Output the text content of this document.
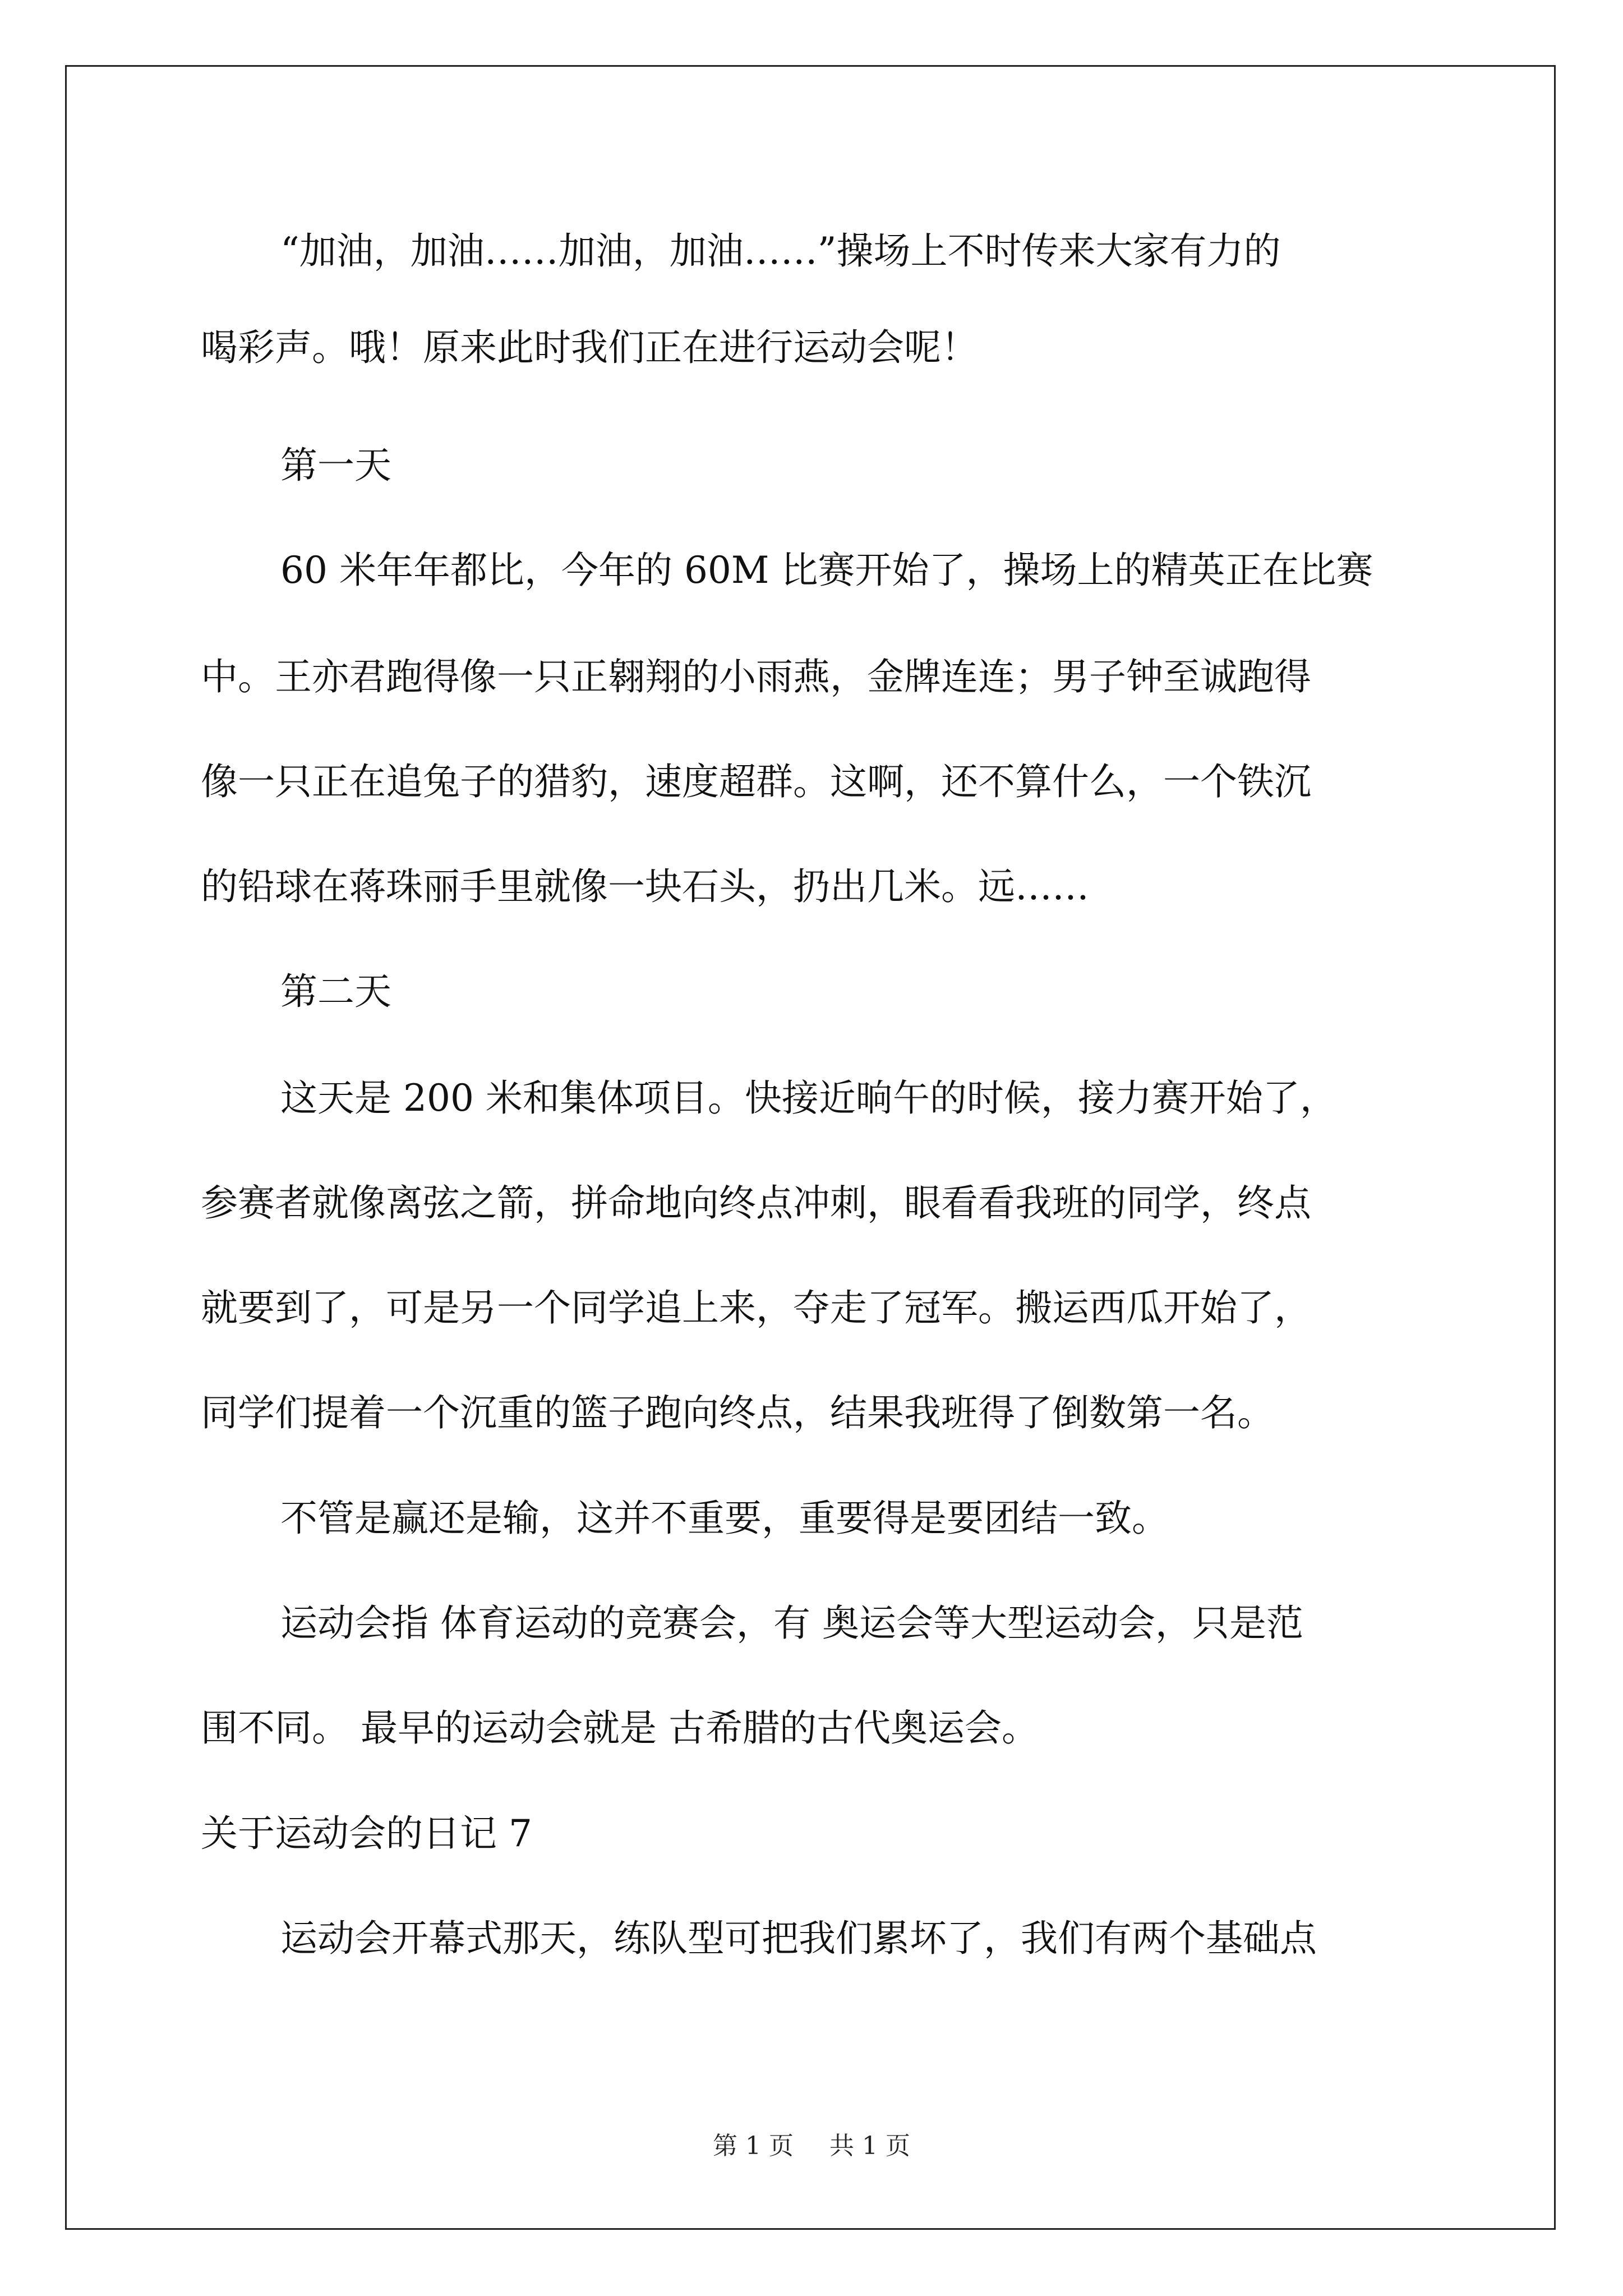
“加油，加油……加油，加油……”操场上不时传来大家有力的
喝彩声。哦！原来此时我们正在进行运动会呢！
第一天
60 米年年都比，今年的 60M 比赛开始了，操场上的精英正在比赛
中。王亦君跑得像一只正翱翔的小雨燕，金牌连连；男子钟至诚跑得
像一只正在追兔子的猎豹，速度超群。这啊，还不算什么，一个铁沉
的铅球在蒋珠丽手里就像一块石头，扔出几米。远……
第二天
这天是 200 米和集体项目。快接近晌午的时候，接力赛开始了，
参赛者就像离弦之箭，拼命地向终点冲刺，眼看看我班的同学，终点
就要到了，可是另一个同学追上来，夺走了冠军。搬运西瓜开始了，
同学们提着一个沉重的篮子跑向终点，结果我班得了倒数第一名。
不管是赢还是输，这并不重要，重要得是要团结一致。
运动会指 体育运动的竞赛会，有 奥运会等大型运动会，只是范
围不同。 最早的运动会就是 古希腊的古代奥运会。
关于运动会的日记 7
运动会开幕式那天，练队型可把我们累坏了，我们有两个基础点
第 1 页 共 1 页
